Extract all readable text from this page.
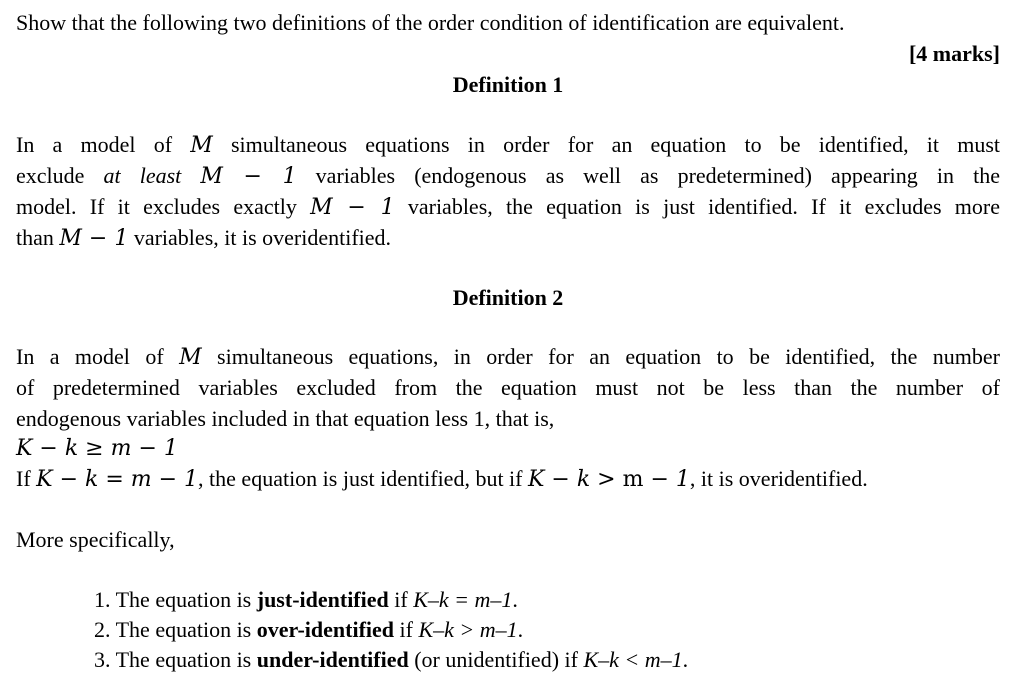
Show that the following two definitions of the order condition of identification are equivalent.
[4 marks]
Definition 1
In a model of M simultaneous equations in order for an equation to be identified, it must
exclude at least M − 1 variables (endogenous as well as predetermined) appearing in the
model. If it excludes exactly M − 1 variables, the equation is just identified. If it excludes more
than M − 1 variables, it is overidentified.
Definition 2
In a model of M simultaneous equations, in order for an equation to be identified, the number
of predetermined variables excluded from the equation must not be less than the number of
endogenous variables included in that equation less 1, that is,
K − k ≥ m − 1
If K − k = m − 1, the equation is just identified, but if K − k > m − 1, it is overidentified.
More specifically,
1. The equation is just-identified if K–k = m–1.
2. The equation is over-identified if K–k > m–1.
3. The equation is under-identified (or unidentified) if K–k < m–1.
